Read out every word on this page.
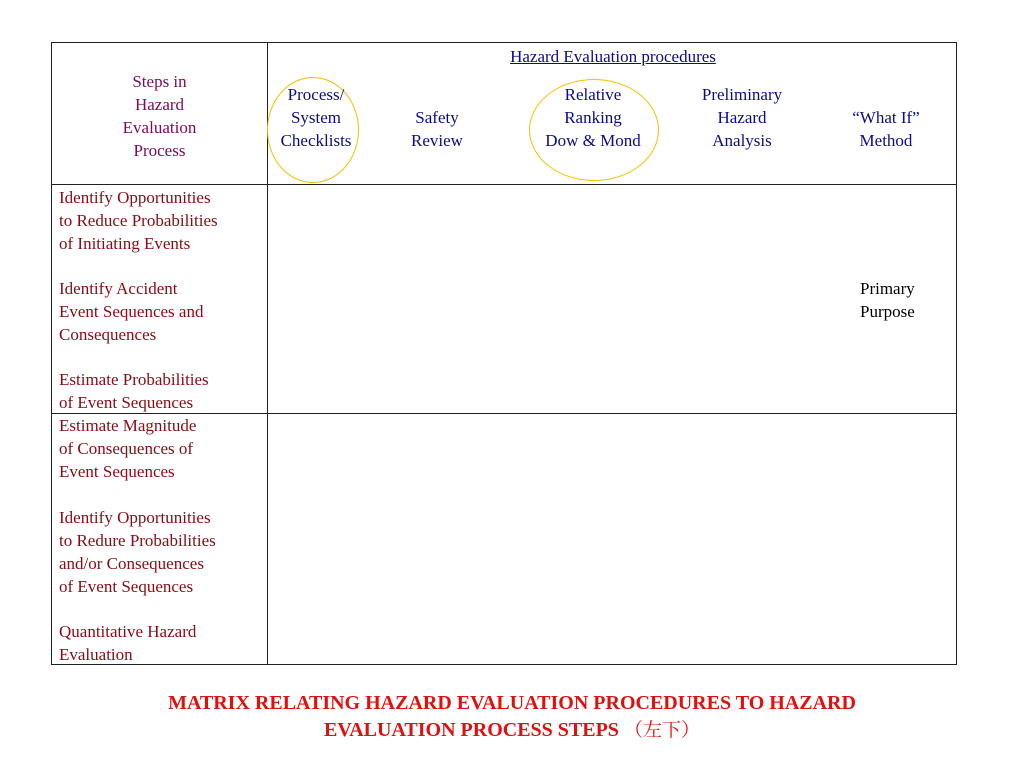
Steps in
Hazard
Evaluation
Process
Hazard Evaluation procedures
Process/
System
Checklists
Safety
Review
Relative
Ranking
Dow & Mond
Preliminary
Hazard
Analysis
“What If”
Method
Identify Opportunities
to Reduce Probabilities
of Initiating Events
Identify Accident
Event Sequences and
Consequences
Estimate Probabilities
of Event Sequences
Primary
Purpose
Estimate Magnitude
of Consequences of
Event Sequences
Identify Opportunities
to Redure Probabilities
and/or Consequences
of Event Sequences
Quantitative Hazard
Evaluation
MATRIX RELATING HAZARD EVALUATION PROCEDURES TO HAZARD
EVALUATION PROCESS STEPS （左下）
